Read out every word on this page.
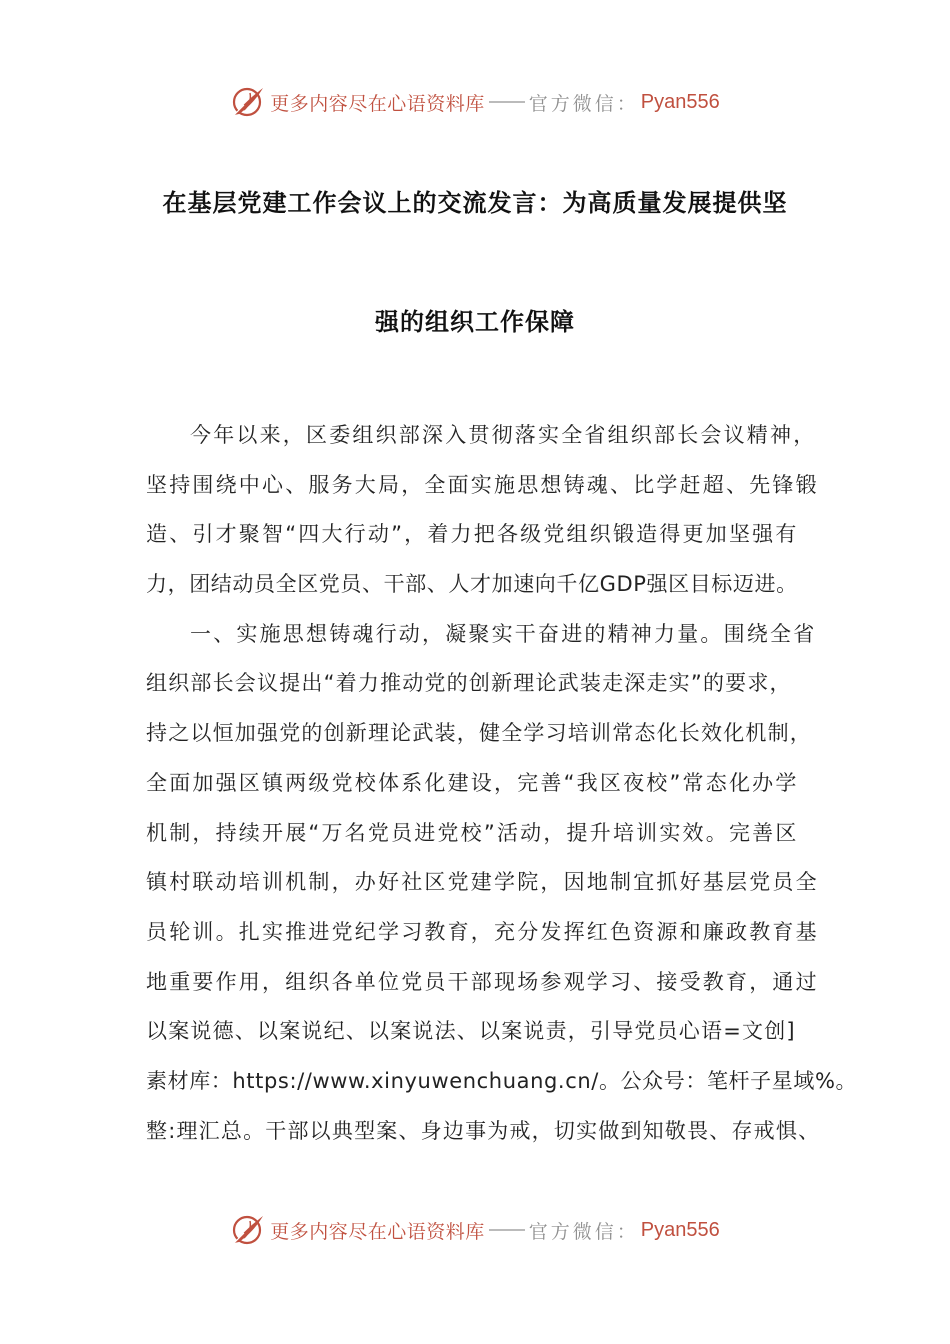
更多内容尽在心语资料库 官方微信： Pyan556
在基层党建工作会议上的交流发言：为高质量发展提供坚
强的组织工作保障
今年以来，区委组织部深入贯彻落实全省组织部长会议精神，
坚持围绕中心、服务大局，全面实施思想铸魂、比学赶超、先锋锻
造、引才聚智“四大行动”，着力把各级党组织锻造得更加坚强有
力，团结动员全区党员、干部、人才加速向千亿GDP强区目标迈进。
一、实施思想铸魂行动，凝聚实干奋进的精神力量。围绕全省
组织部长会议提出“着力推动党的创新理论武装走深走实”的要求，
持之以恒加强党的创新理论武装，健全学习培训常态化长效化机制，
全面加强区镇两级党校体系化建设，完善“我区夜校”常态化办学
机制，持续开展“万名党员进党校”活动，提升培训实效。完善区
镇村联动培训机制，办好社区党建学院，因地制宜抓好基层党员全
员轮训。扎实推进党纪学习教育，充分发挥红色资源和廉政教育基
地重要作用，组织各单位党员干部现场参观学习、接受教育，通过
以案说德、以案说纪、以案说法、以案说责，引导党员心语=文创]
素材库：https://www.xinyuwenchuang.cn/。公众号：笔杆子星域%。
整:理汇总。干部以典型案、身边事为戒，切实做到知敬畏、存戒惧、
更多内容尽在心语资料库 官方微信： Pyan556
